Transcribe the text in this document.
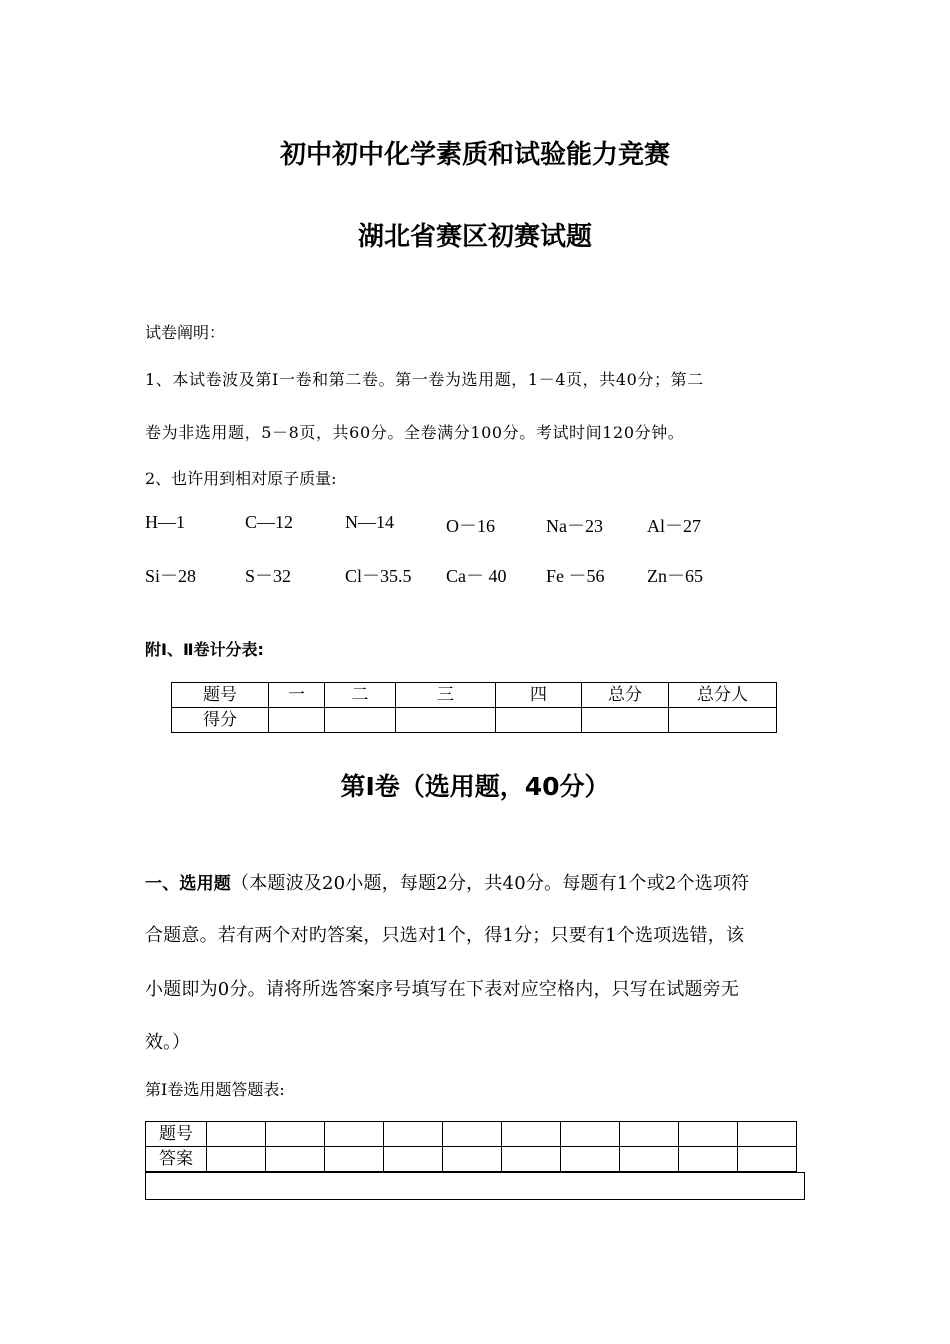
初中初中化学素质和试验能力竞赛
湖北省赛区初赛试题
试卷阐明：
1、本试卷波及第Ⅰ一卷和第二卷。第一卷为选用题，1－4页，共40分；第二
卷为非选用题，5－8页，共60分。全卷满分100分。考试时间120分钟。
2、也许用到相对原子质量:
H—1	C—12	N—14	O－16	Na－23 Al－27
Si－28	S－32	Cl－35.5 Ca－ 40 Fe －56 Zn－65
附Ⅰ、Ⅱ卷计分表:
题号	一	二	三	四	总分	总分人
得分						
第Ⅰ卷（选用题，40分）
一、选用题（本题波及20小题，每题2分，共40分。每题有1个或2个选项符
合题意。若有两个对旳答案，只选对1个，得1分；只要有1个选项选错，该
小题即为0分。请将所选答案序号填写在下表对应空格内，只写在试题旁无
效。）
第Ⅰ卷选用题答题表:
题号										
答案										
